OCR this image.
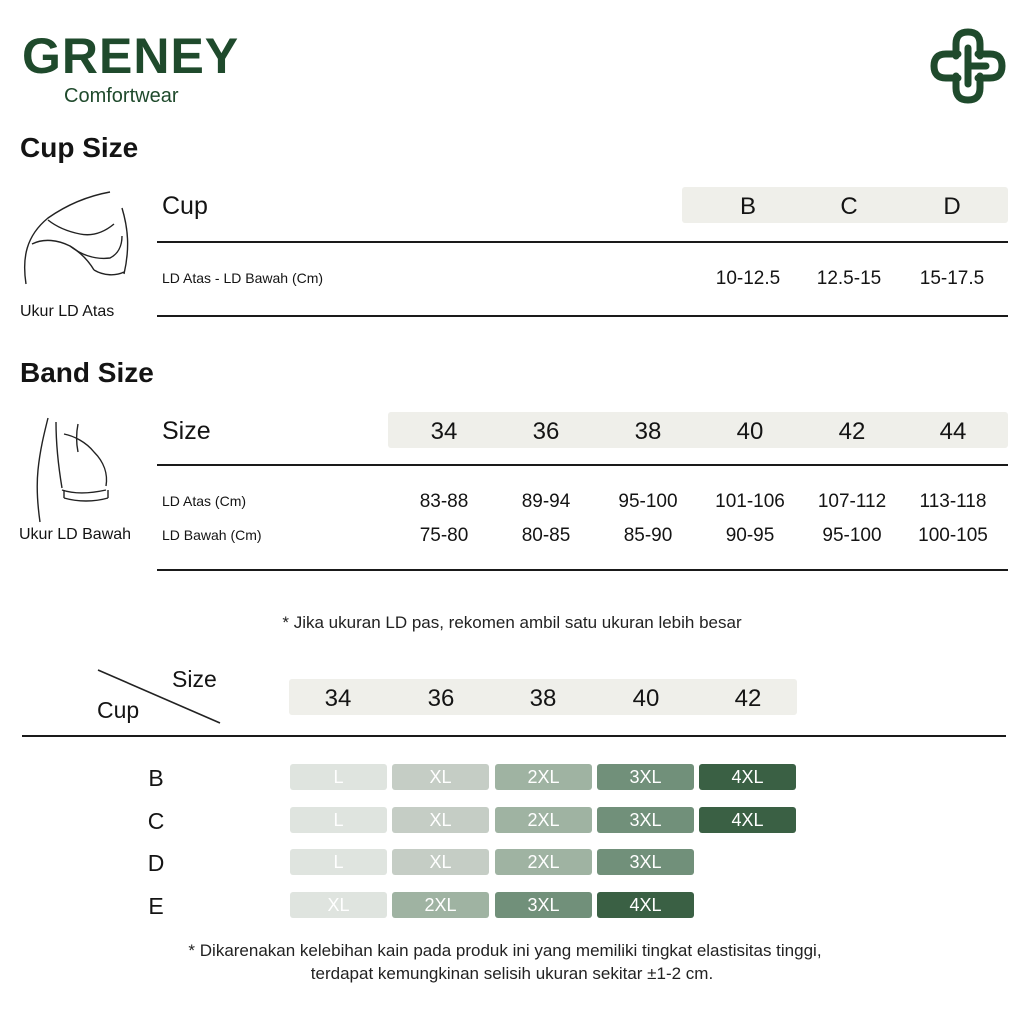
GRENEY
Comfortwear
Cup Size
Ukur LD Atas
Cup	B	C	D
LD Atas - LD Bawah (Cm)	10-12.5	12.5-15	15-17.5
Band Size
Ukur LD Bawah
Size	34	36	38	40	42	44
LD Atas (Cm)	83-88	89-94	95-100	101-106	107-112	113-118
LD Bawah (Cm)	75-80	80-85	85-90	90-95	95-100	100-105
* Jika ukuran LD pas, rekomen ambil satu ukuran lebih besar
Size
Cup	34	36	38	40	42
B	L	XL	2XL	3XL	4XL
C	L	XL	2XL	3XL	4XL
D	L	XL	2XL	3XL
E	XL	2XL	3XL	4XL
* Dikarenakan kelebihan kain pada produk ini yang memiliki tingkat elastisitas tinggi,
terdapat kemungkinan selisih ukuran sekitar ±1-2 cm.
